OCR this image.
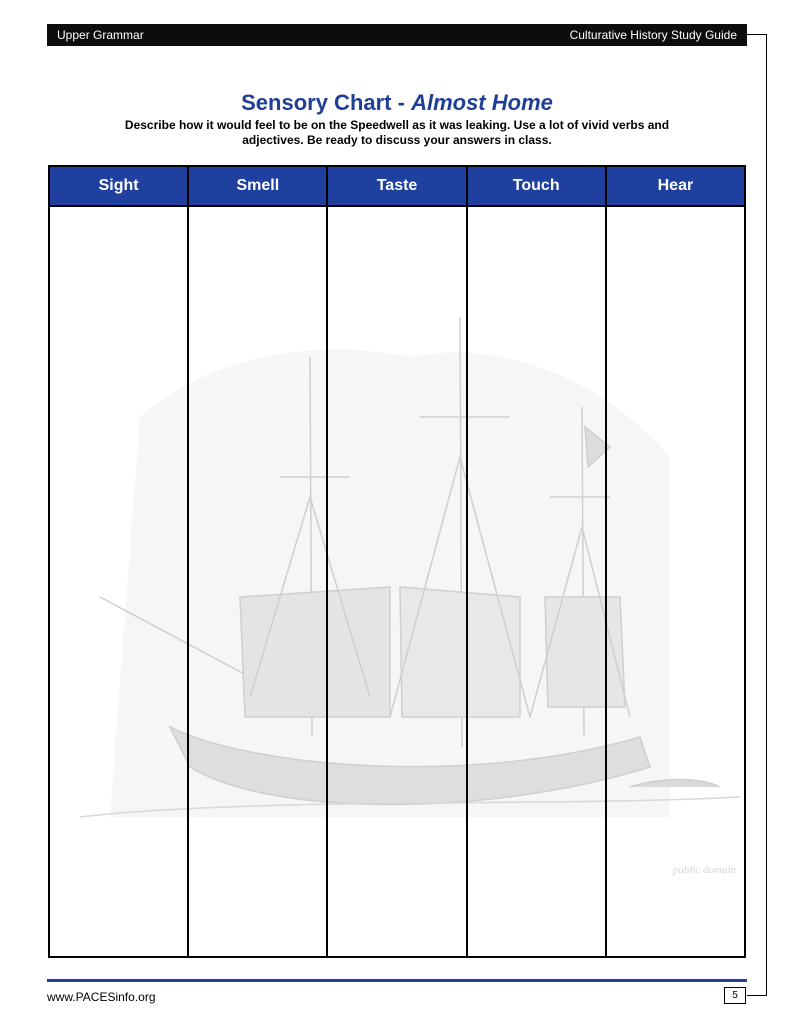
Upper Grammar	Culturative History Study Guide
Sensory Chart - Almost Home
Describe how it would feel to be on the Speedwell as it was leaking. Use a lot of vivid verbs and adjectives. Be ready to discuss your answers in class.
Sight	Smell	Taste	Touch	Hear
public domain
www.PACESinfo.org	5
